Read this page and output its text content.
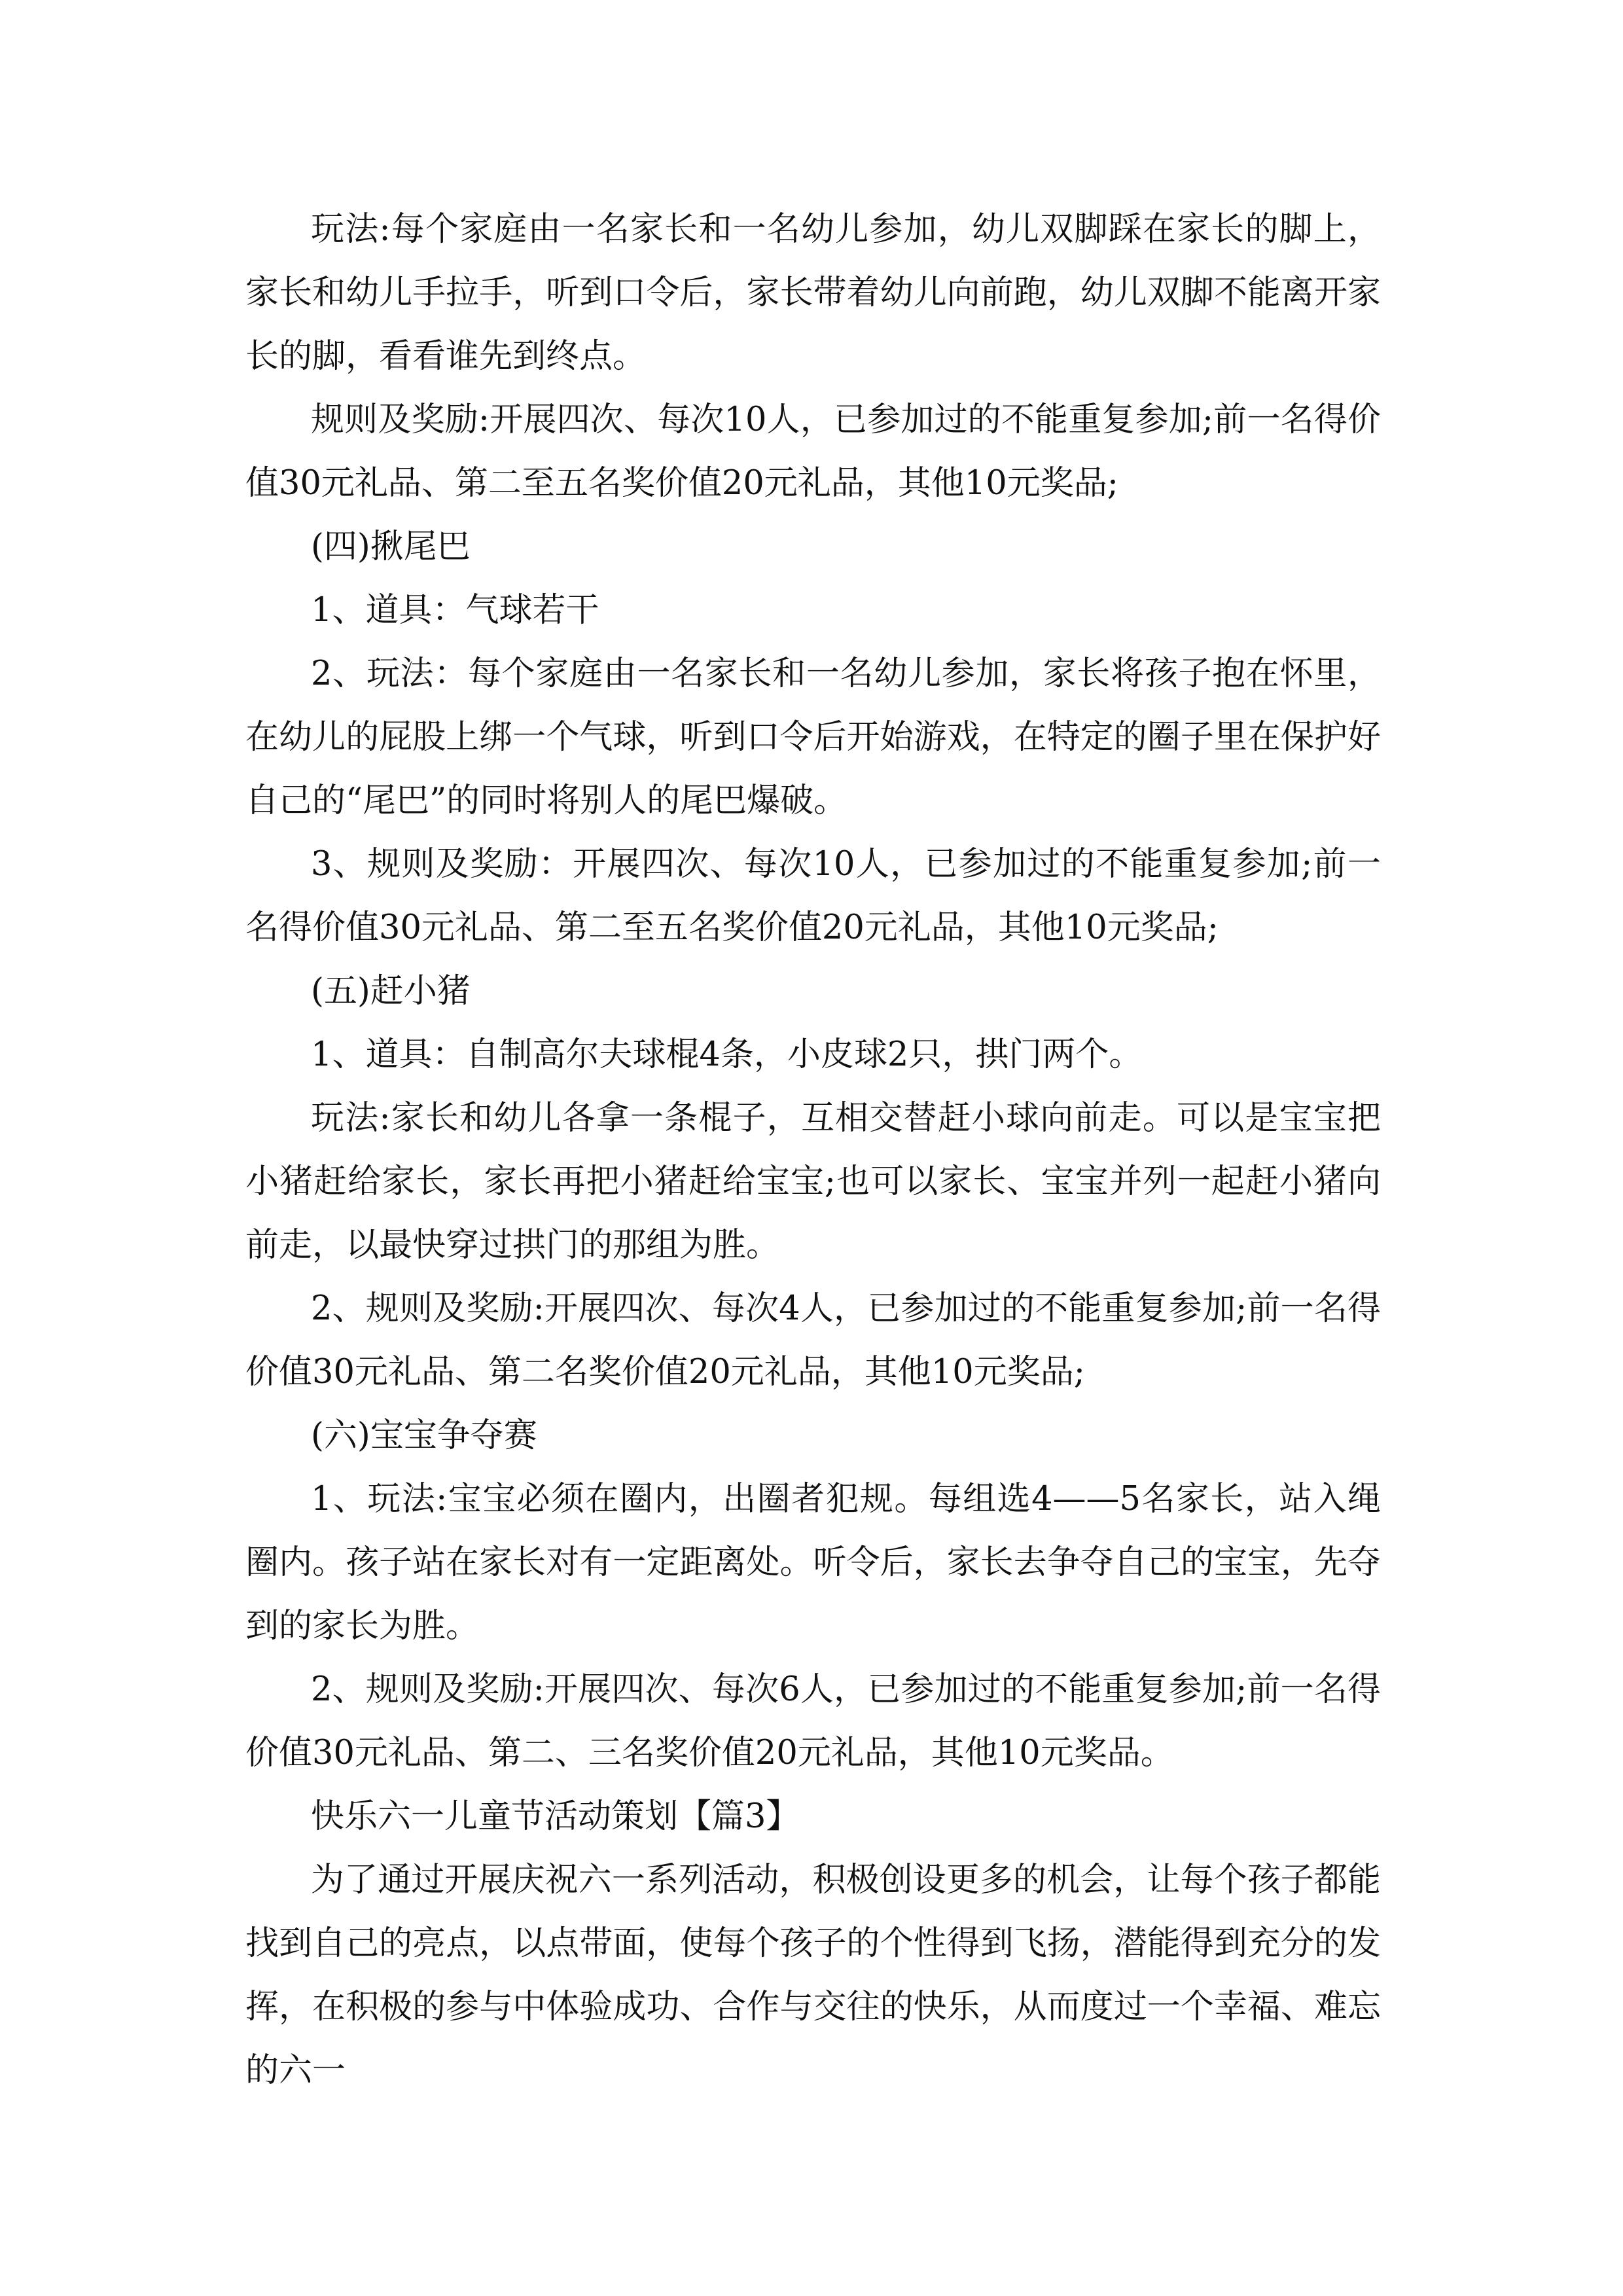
玩法:每个家庭由一名家长和一名幼儿参加，幼儿双脚踩在家长的脚上，家长和幼儿手拉手，听到口令后，家长带着幼儿向前跑，幼儿双脚不能离开家长的脚，看看谁先到终点。

规则及奖励:开展四次、每次10人，已参加过的不能重复参加;前一名得价值30元礼品、第二至五名奖价值20元礼品，其他10元奖品;

(四)揪尾巴

1、道具：气球若干

2、玩法：每个家庭由一名家长和一名幼儿参加，家长将孩子抱在怀里，在幼儿的屁股上绑一个气球，听到口令后开始游戏，在特定的圈子里在保护好自己的“尾巴”的同时将别人的尾巴爆破。

3、规则及奖励：开展四次、每次10人，已参加过的不能重复参加;前一名得价值30元礼品、第二至五名奖价值20元礼品，其他10元奖品;

(五)赶小猪

1、道具：自制高尔夫球棍4条，小皮球2只，拱门两个。

玩法:家长和幼儿各拿一条棍子，互相交替赶小球向前走。可以是宝宝把小猪赶给家长，家长再把小猪赶给宝宝;也可以家长、宝宝并列一起赶小猪向前走，以最快穿过拱门的那组为胜。

2、规则及奖励:开展四次、每次4人，已参加过的不能重复参加;前一名得价值30元礼品、第二名奖价值20元礼品，其他10元奖品;

(六)宝宝争夺赛

1、玩法:宝宝必须在圈内，出圈者犯规。每组选4——5名家长，站入绳圈内。孩子站在家长对有一定距离处。听令后，家长去争夺自己的宝宝，先夺到的家长为胜。

2、规则及奖励:开展四次、每次6人，已参加过的不能重复参加;前一名得价值30元礼品、第二、三名奖价值20元礼品，其他10元奖品。

快乐六一儿童节活动策划【篇3】

为了通过开展庆祝六一系列活动，积极创设更多的机会，让每个孩子都能找到自己的亮点，以点带面，使每个孩子的个性得到飞扬，潜能得到充分的发挥，在积极的参与中体验成功、合作与交往的快乐，从而度过一个幸福、难忘的六一
